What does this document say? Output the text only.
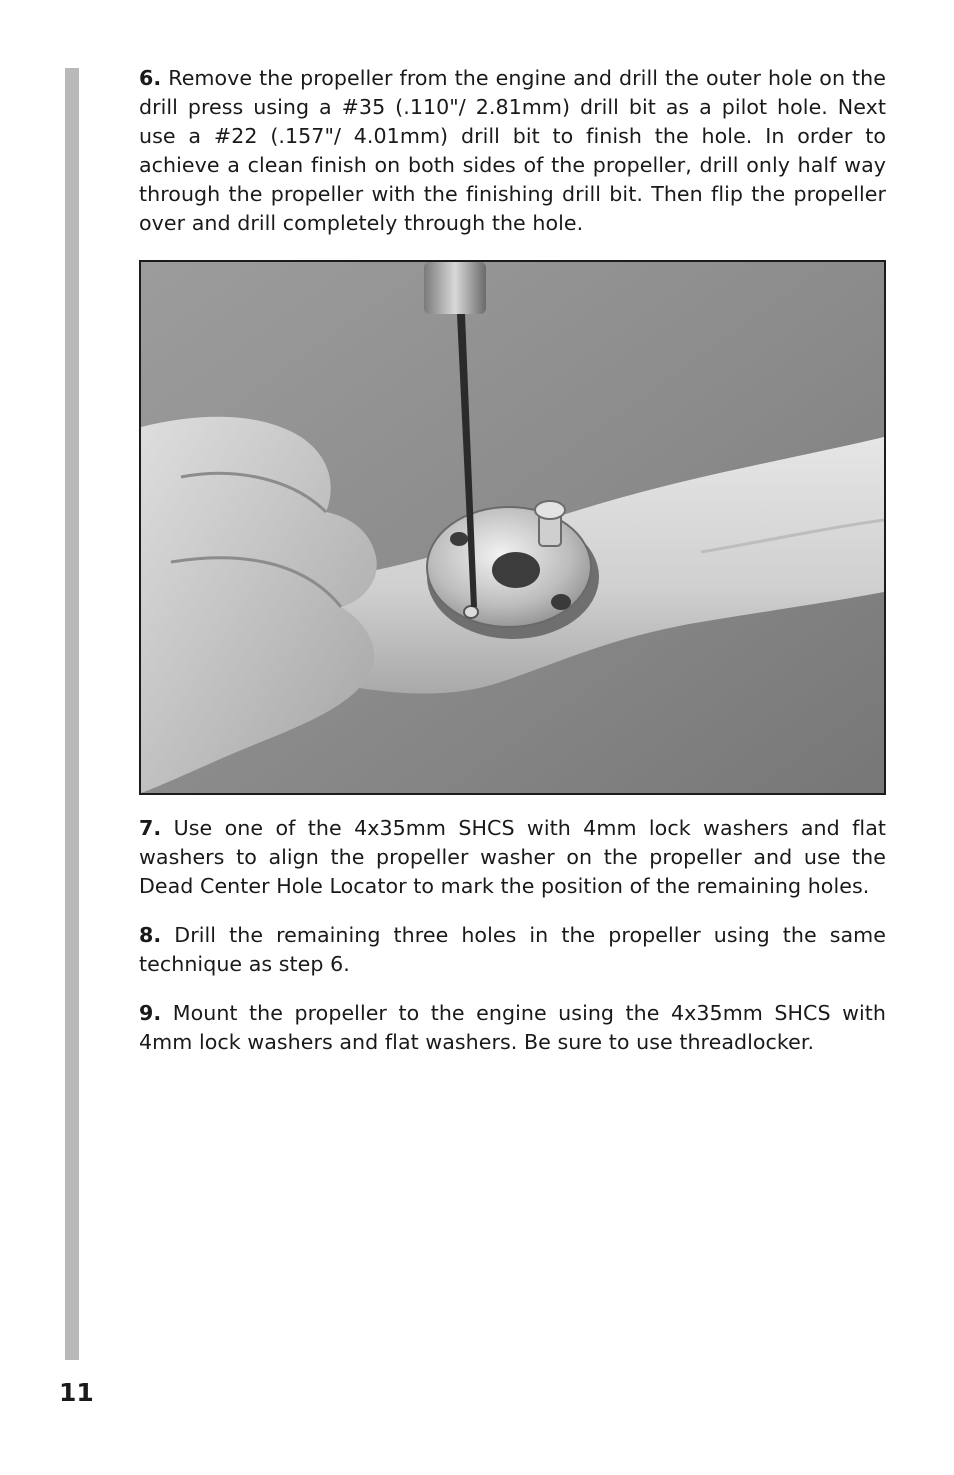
6. Remove the propeller from the engine and drill the outer hole on the drill press using a #35 (.110"/ 2.81mm) drill bit as a pilot hole. Next use a #22 (.157"/ 4.01mm) drill bit to finish the hole. In order to achieve a clean finish on both sides of the propeller, drill only half way through the propeller with the finishing drill bit. Then flip the propeller over and drill completely through the hole.

7. Use one of the 4x35mm SHCS with 4mm lock washers and flat washers to align the propeller washer on the propeller and use the Dead Center Hole Locator to mark the position of the remaining holes.

8. Drill the remaining three holes in the propeller using the same technique as step 6.

9. Mount the propeller to the engine using the 4x35mm SHCS with 4mm lock washers and flat washers. Be sure to use threadlocker.

11
